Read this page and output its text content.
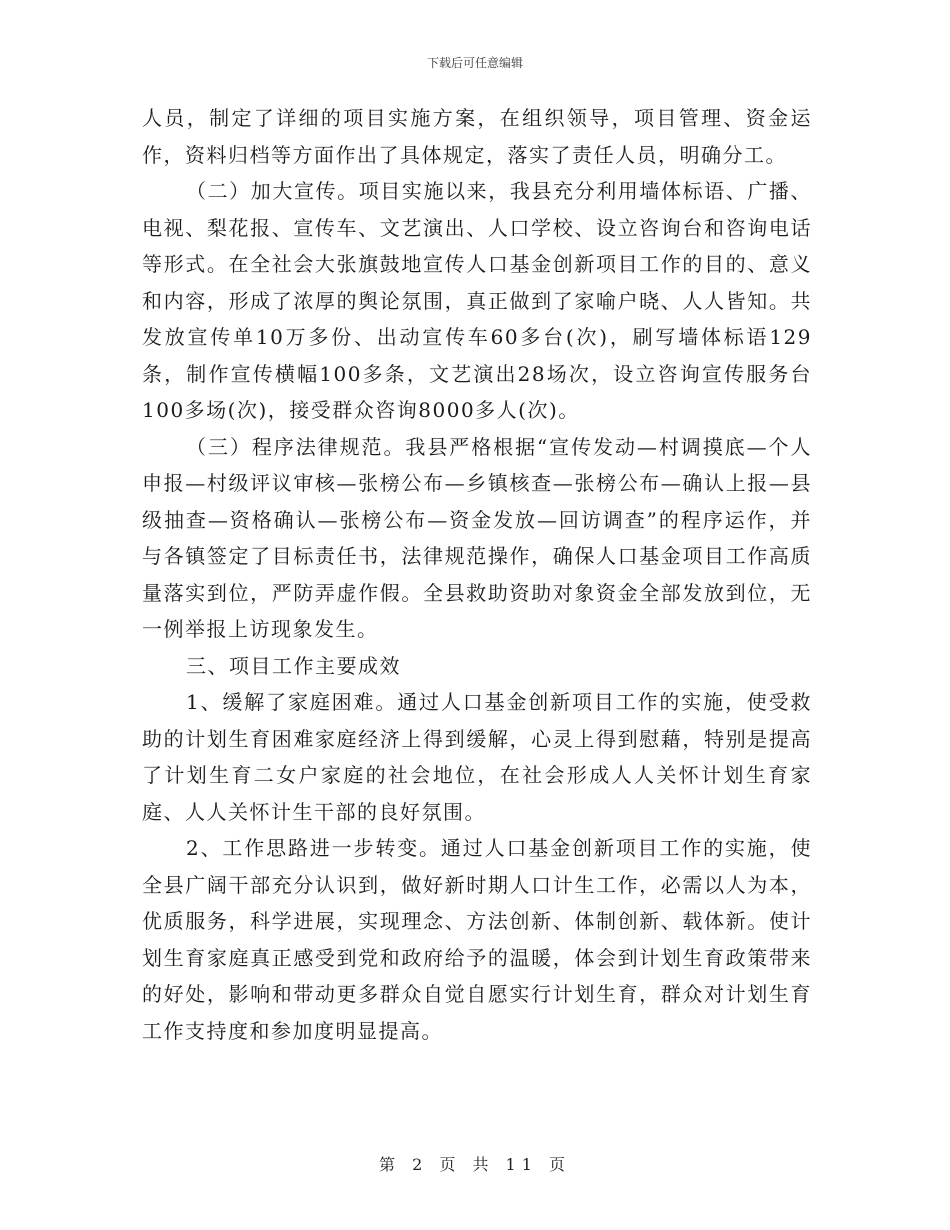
下载后可任意编辑

人员，制定了详细的项目实施方案，在组织领导，项目管理、资金运作，资料归档等方面作出了具体规定，落实了责任人员，明确分工。

（二）加大宣传。项目实施以来，我县充分利用墙体标语、广播、电视、梨花报、宣传车、文艺演出、人口学校、设立咨询台和咨询电话等形式。在全社会大张旗鼓地宣传人口基金创新项目工作的目的、意义和内容，形成了浓厚的舆论氛围，真正做到了家喻户晓、人人皆知。共发放宣传单10万多份、出动宣传车60多台(次)，刷写墙体标语129条，制作宣传横幅100多条，文艺演出28场次，设立咨询宣传服务台100多场(次)，接受群众咨询8000多人(次)。

（三）程序法律规范。我县严格根据“宣传发动—村调摸底—个人申报—村级评议审核—张榜公布—乡镇核查—张榜公布—确认上报—县级抽查—资格确认—张榜公布—资金发放—回访调查”的程序运作，并与各镇签定了目标责任书，法律规范操作，确保人口基金项目工作高质量落实到位，严防弄虚作假。全县救助资助对象资金全部发放到位，无一例举报上访现象发生。

三、项目工作主要成效

1、缓解了家庭困难。通过人口基金创新项目工作的实施，使受救助的计划生育困难家庭经济上得到缓解，心灵上得到慰藉，特别是提高了计划生育二女户家庭的社会地位，在社会形成人人关怀计划生育家庭、人人关怀计生干部的良好氛围。

2、工作思路进一步转变。通过人口基金创新项目工作的实施，使全县广阔干部充分认识到，做好新时期人口计生工作，必需以人为本，优质服务，科学进展，实现理念、方法创新、体制创新、载体新。使计划生育家庭真正感受到党和政府给予的温暖，体会到计划生育政策带来的好处，影响和带动更多群众自觉自愿实行计划生育，群众对计划生育工作支持度和参加度明显提高。

第 2 页 共 11 页
